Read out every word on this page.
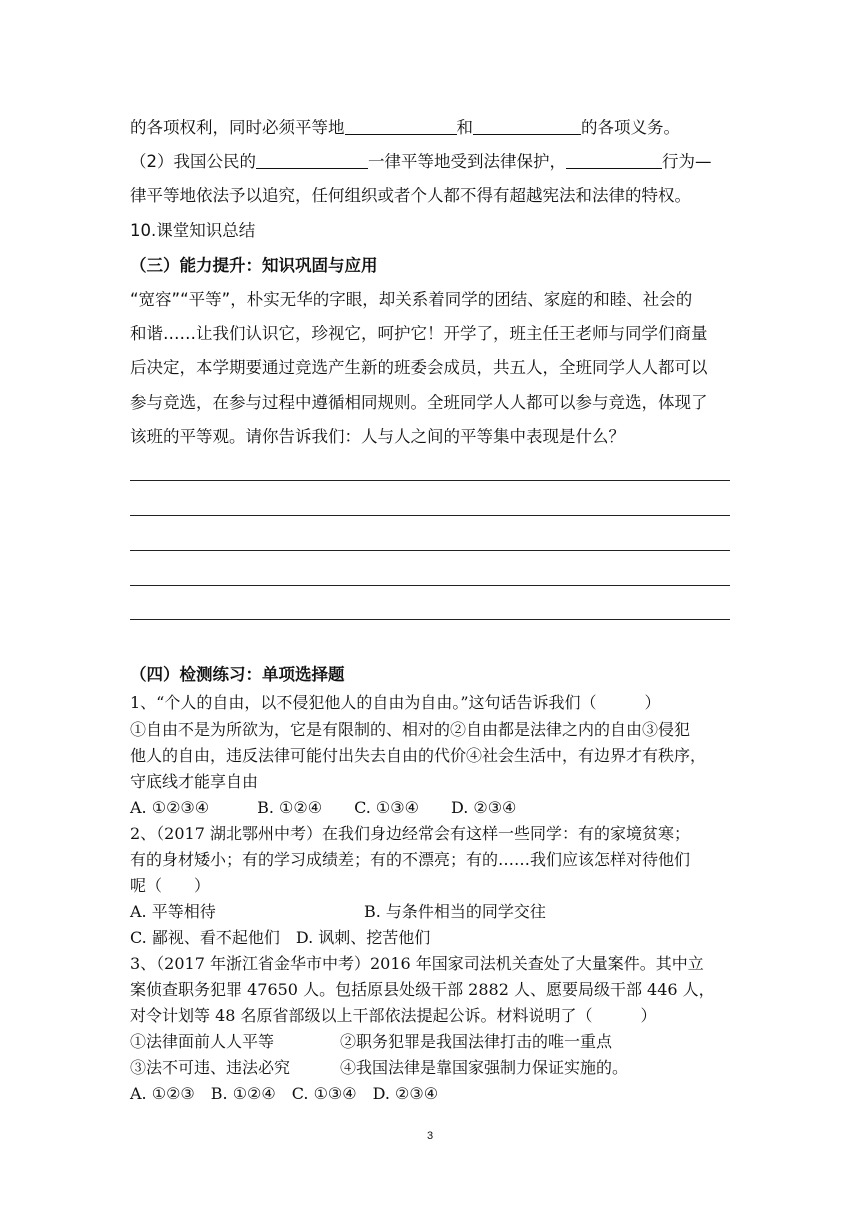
的各项权利，同时必须平等地	和	的各项义务。
（2）我国公民的	一律平等地受到法律保护，	行为—
律平等地依法予以追究，任何组织或者个人都不得有超越宪法和法律的特权。
10.课堂知识总结
（三）能力提升：知识巩固与应用
“宽容”“平等”，朴实无华的字眼，却关系着同学的团结、家庭的和睦、社会的
和谐……让我们认识它，珍视它，呵护它！开学了，班主任王老师与同学们商量
后决定，本学期要通过竞选产生新的班委会成员，共五人，全班同学人人都可以
参与竞选，在参与过程中遵循相同规则。全班同学人人都可以参与竞选，体现了
该班的平等观。请你告诉我们：人与人之间的平等集中表现是什么？
（四）检测练习：单项选择题
1、“个人的自由，以不侵犯他人的自由为自由。”这句话告诉我们（　　　）
①自由不是为所欲为，它是有限制的、相对的②自由都是法律之内的自由③侵犯
他人的自由，违反法律可能付出失去自由的代价④社会生活中，有边界才有秩序，
守底线才能享自由
A. ①②③④　　　B. ①②④　　C. ①③④　　D. ②③④
2、（2017 湖北鄂州中考）在我们身边经常会有这样一些同学：有的家境贫寒；
有的身材矮小；有的学习成绩差；有的不漂亮；有的……我们应该怎样对待他们
呢（　　）
A. 平等相待	B. 与条件相当的同学交往
C. 鄙视、看不起他们　D. 讽刺、挖苦他们
3、（2017 年浙江省金华市中考）2016 年国家司法机关查处了大量案件。其中立
案侦查职务犯罪 47650 人。包括原县处级干部 2882 人、愿要局级干部 446 人，
对令计划等 48 名原省部级以上干部依法提起公诉。材料说明了（　　　）
①法律面前人人平等	②职务犯罪是我国法律打击的唯一重点
③法不可违、违法必究	④我国法律是靠国家强制力保证实施的。
A. ①②③　B. ①②④　C. ①③④　D. ②③④
3
